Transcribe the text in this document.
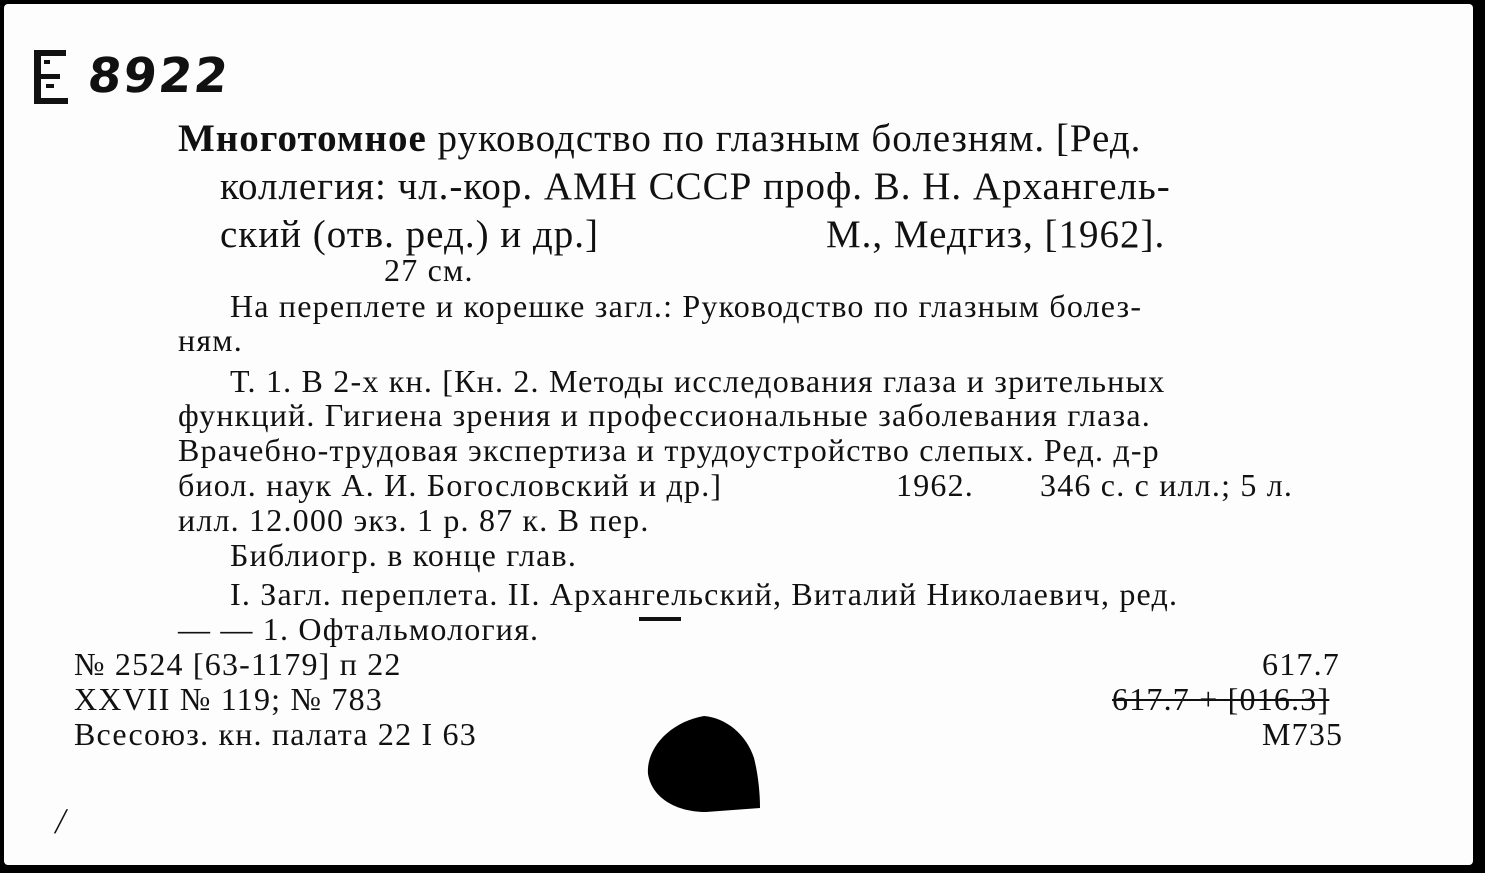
8922
Многотомное руководство по глазным болезням. [Ред.
коллегия: чл.-кор. АМН СССР проф. В. Н. Архангель-
ский (отв. ред.) и др.]	М., Медгиз, [1962].
27 см.
На переплете и корешке загл.: Руководство по глазным болез-
ням.
Т. 1. В 2-х кн. [Кн. 2. Методы исследования глаза и зрительных
функций. Гигиена зрения и профессиональные заболевания глаза.
Врачебно-трудовая экспертиза и трудоустройство слепых. Ред. д-р
биол. наук А. И. Богословский и др.]	1962. 346 с. с илл.; 5 л.
илл. 12.000 экз. 1 р. 87 к. В пер.
Библиогр. в конце глав.
I. Загл. переплета. II. Архангельский, Виталий Николаевич, ред.
— — 1. Офтальмология.
№ 2524 [63-1179] п 22
XXVII № 119; № 783
Всесоюз. кн. палата 22 I 63
617.7
617.7 + [016.3]
М735
/
